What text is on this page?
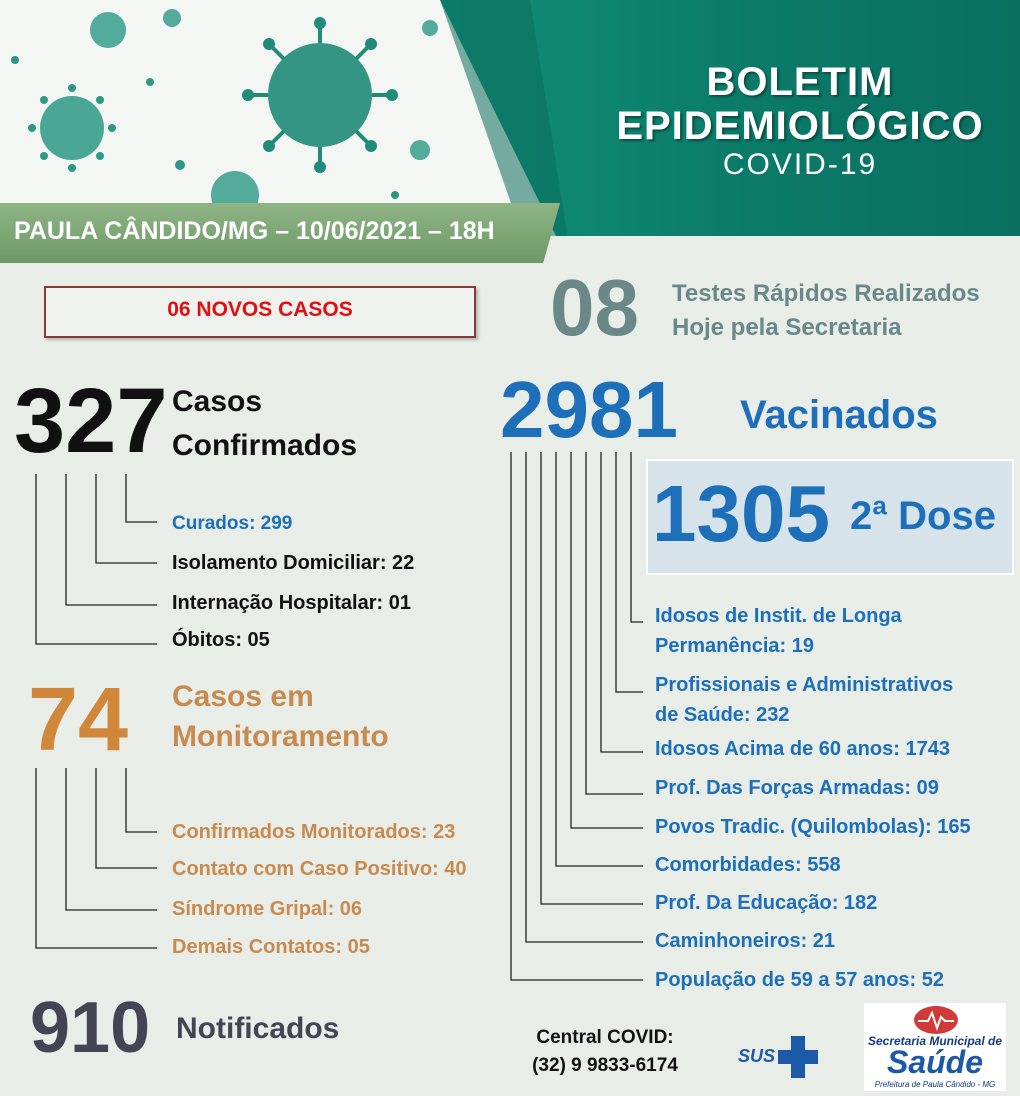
BOLETIM
EPIDEMIOLÓGICO
COVID-19
PAULA CÂNDIDO/MG – 10/06/2021 – 18H
06 NOVOS CASOS	08 Testes Rápidos Realizados
Hoje pela Secretaria
327 Casos
Confirmados 2981 Vacinados
1305 2ª Dose
Curados: 299
Isolamento Domiciliar: 22
Internação Hospitalar: 01
Óbitos: 05
74 Casos em
Monitoramento
Confirmados Monitorados: 23
Contato com Caso Positivo: 40
Síndrome Gripal: 06
Demais Contatos: 05
Idosos de Instit. de Longa
Permanência: 19
Profissionais e Administrativos
de Saúde: 232
Idosos Acima de 60 anos: 1743
Prof. Das Forças Armadas: 09
Povos Tradic. (Quilombolas): 165
Comorbidades: 558
Prof. Da Educação: 182
Caminhoneiros: 21
População de 59 a 57 anos: 52
910 Notificados	Central COVID:
(32) 9 9833-6174	SUS
Secretaria Municipal de
Saúde
Prefeitura de Paula Cândido - MG
